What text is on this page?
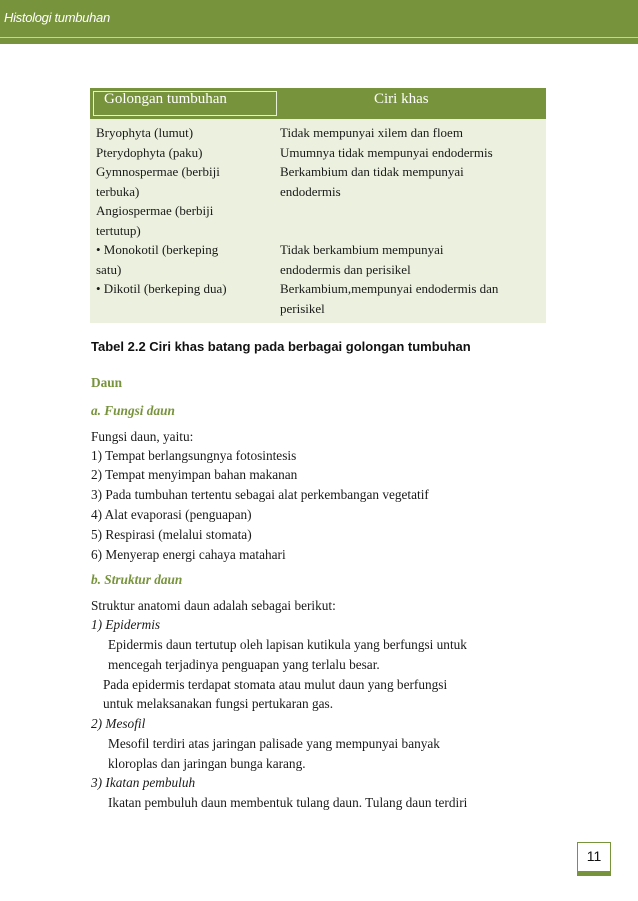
Histologi tumbuhan
Golongan tumbuhan	Ciri khas
Bryophyta (lumut)
Pterydophyta (paku)
Gymnospermae (berbiji
terbuka)
Angiospermae (berbiji
tertutup)
• Monokotil (berkeping
satu)
• Dikotil (berkeping dua)
Tidak mempunyai xilem dan floem
Umumnya tidak mempunyai endodermis
Berkambium dan tidak mempunyai
endodermis
Tidak berkambium mempunyai
endodermis dan perisikel
Berkambium,mempunyai endodermis dan
perisikel
Tabel 2.2 Ciri khas batang pada berbagai golongan tumbuhan
Daun
a. Fungsi daun
Fungsi daun, yaitu:
1) Tempat berlangsungnya fotosintesis
2) Tempat menyimpan bahan makanan
3) Pada tumbuhan tertentu sebagai alat perkembangan vegetatif
4) Alat evaporasi (penguapan)
5) Respirasi (melalui stomata)
6) Menyerap energi cahaya matahari
b. Struktur daun
Struktur anatomi daun adalah sebagai berikut:
1) Epidermis
Epidermis daun tertutup oleh lapisan kutikula yang berfungsi untuk
mencegah terjadinya penguapan yang terlalu besar.
Pada epidermis terdapat stomata atau mulut daun yang berfungsi
untuk melaksanakan fungsi pertukaran gas.
2) Mesofil
Mesofil terdiri atas jaringan palisade yang mempunyai banyak
kloroplas dan jaringan bunga karang.
3) Ikatan pembuluh
Ikatan pembuluh daun membentuk tulang daun. Tulang daun terdiri
11
